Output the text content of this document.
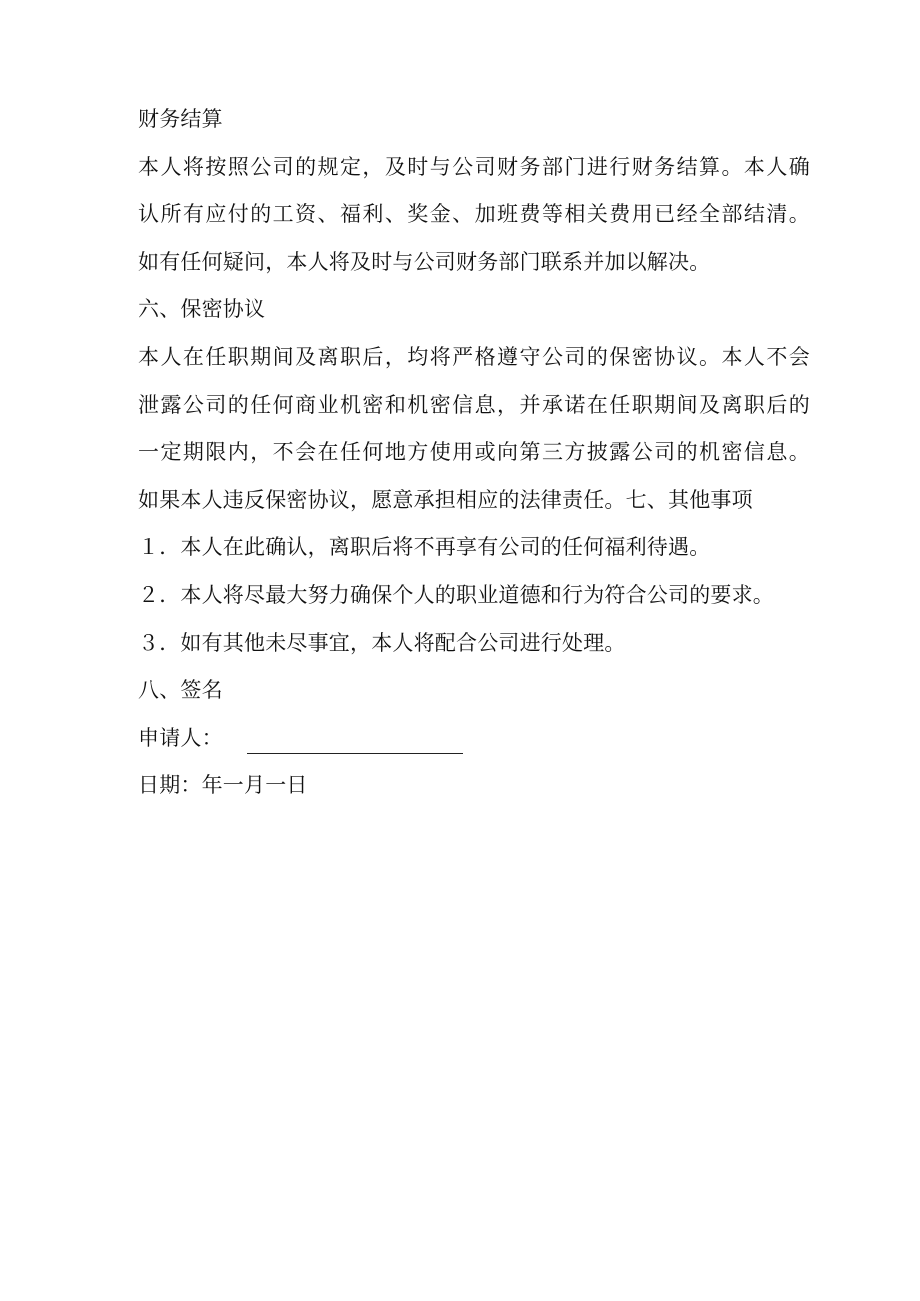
财务结算
本人将按照公司的规定，及时与公司财务部门进行财务结算。本人确
认所有应付的工资、福利、奖金、加班费等相关费用已经全部结清。
如有任何疑问，本人将及时与公司财务部门联系并加以解决。
六、保密协议
本人在任职期间及离职后，均将严格遵守公司的保密协议。本人不会
泄露公司的任何商业机密和机密信息，并承诺在任职期间及离职后的
一定期限内，不会在任何地方使用或向第三方披露公司的机密信息。
如果本人违反保密协议，愿意承担相应的法律责任。七、其他事项
１．本人在此确认，离职后将不再享有公司的任何福利待遇。
２．本人将尽最大努力确保个人的职业道德和行为符合公司的要求。
３．如有其他未尽事宜，本人将配合公司进行处理。
八、签名
申请人：
日期：年一月一日
